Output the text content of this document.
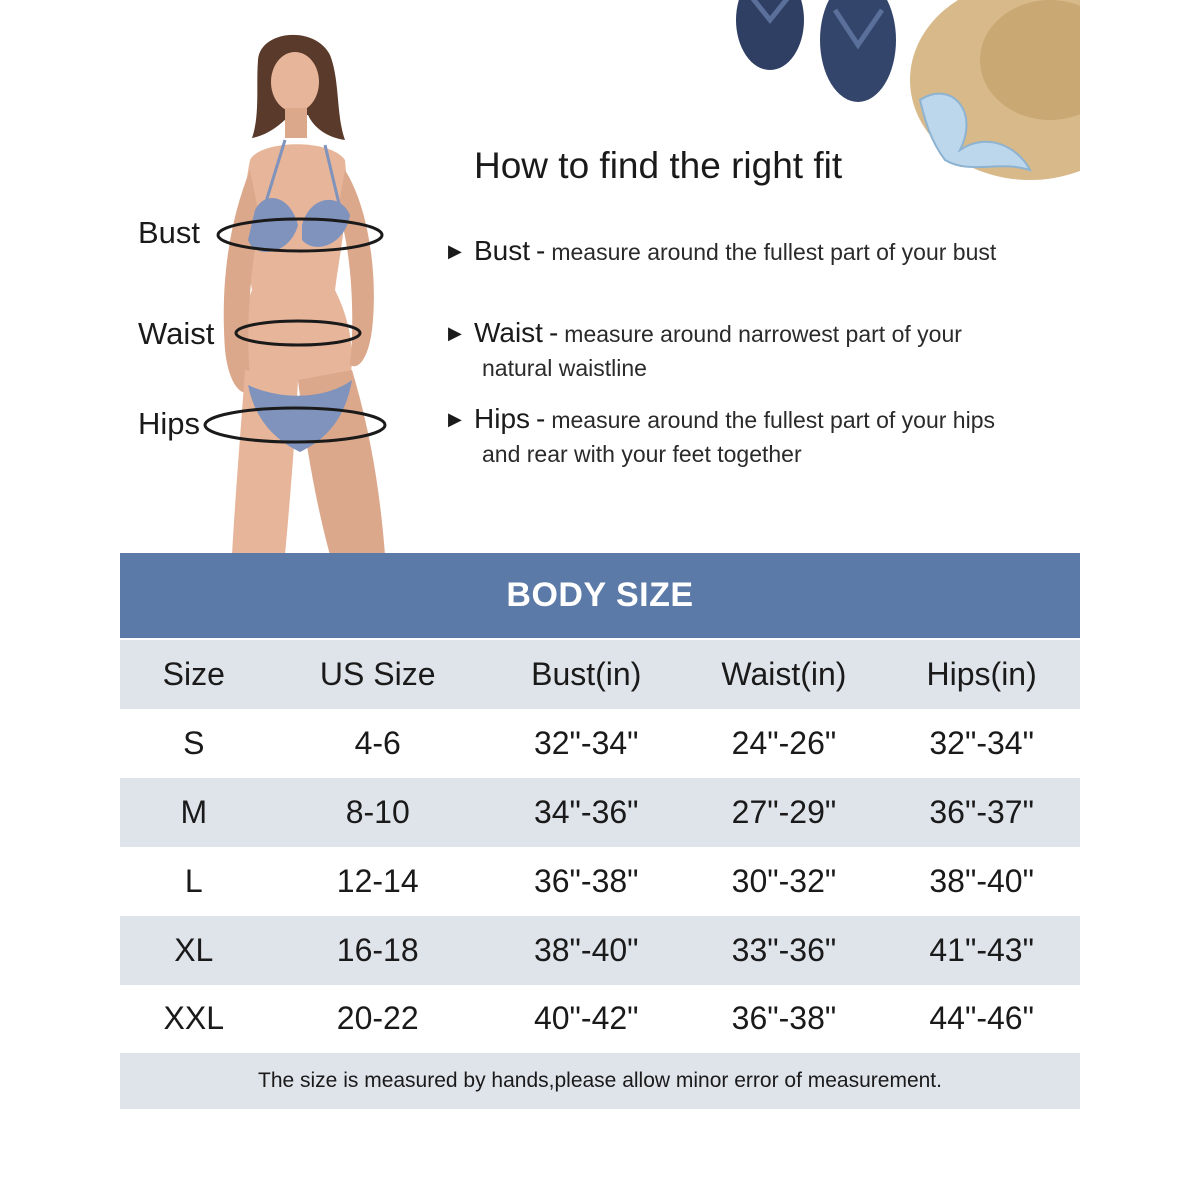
Bust
Waist
Hips
How to find the right fit
▶ Bust - measure around the fullest part of your bust
▶ Waist - measure around narrowest part of your
natural waistline
▶ Hips - measure around the fullest part of your hips
and rear with your feet together
BODY SIZE
Size	US Size	Bust(in)	Waist(in)	Hips(in)
S	4-6	32"-34"	24"-26"	32"-34"
M	8-10	34"-36"	27"-29"	36"-37"
L	12-14	36"-38"	30"-32"	38"-40"
XL	16-18	38"-40"	33"-36"	41"-43"
XXL	20-22	40"-42"	36"-38"	44"-46"
The size is measured by hands,please allow minor error of measurement.
